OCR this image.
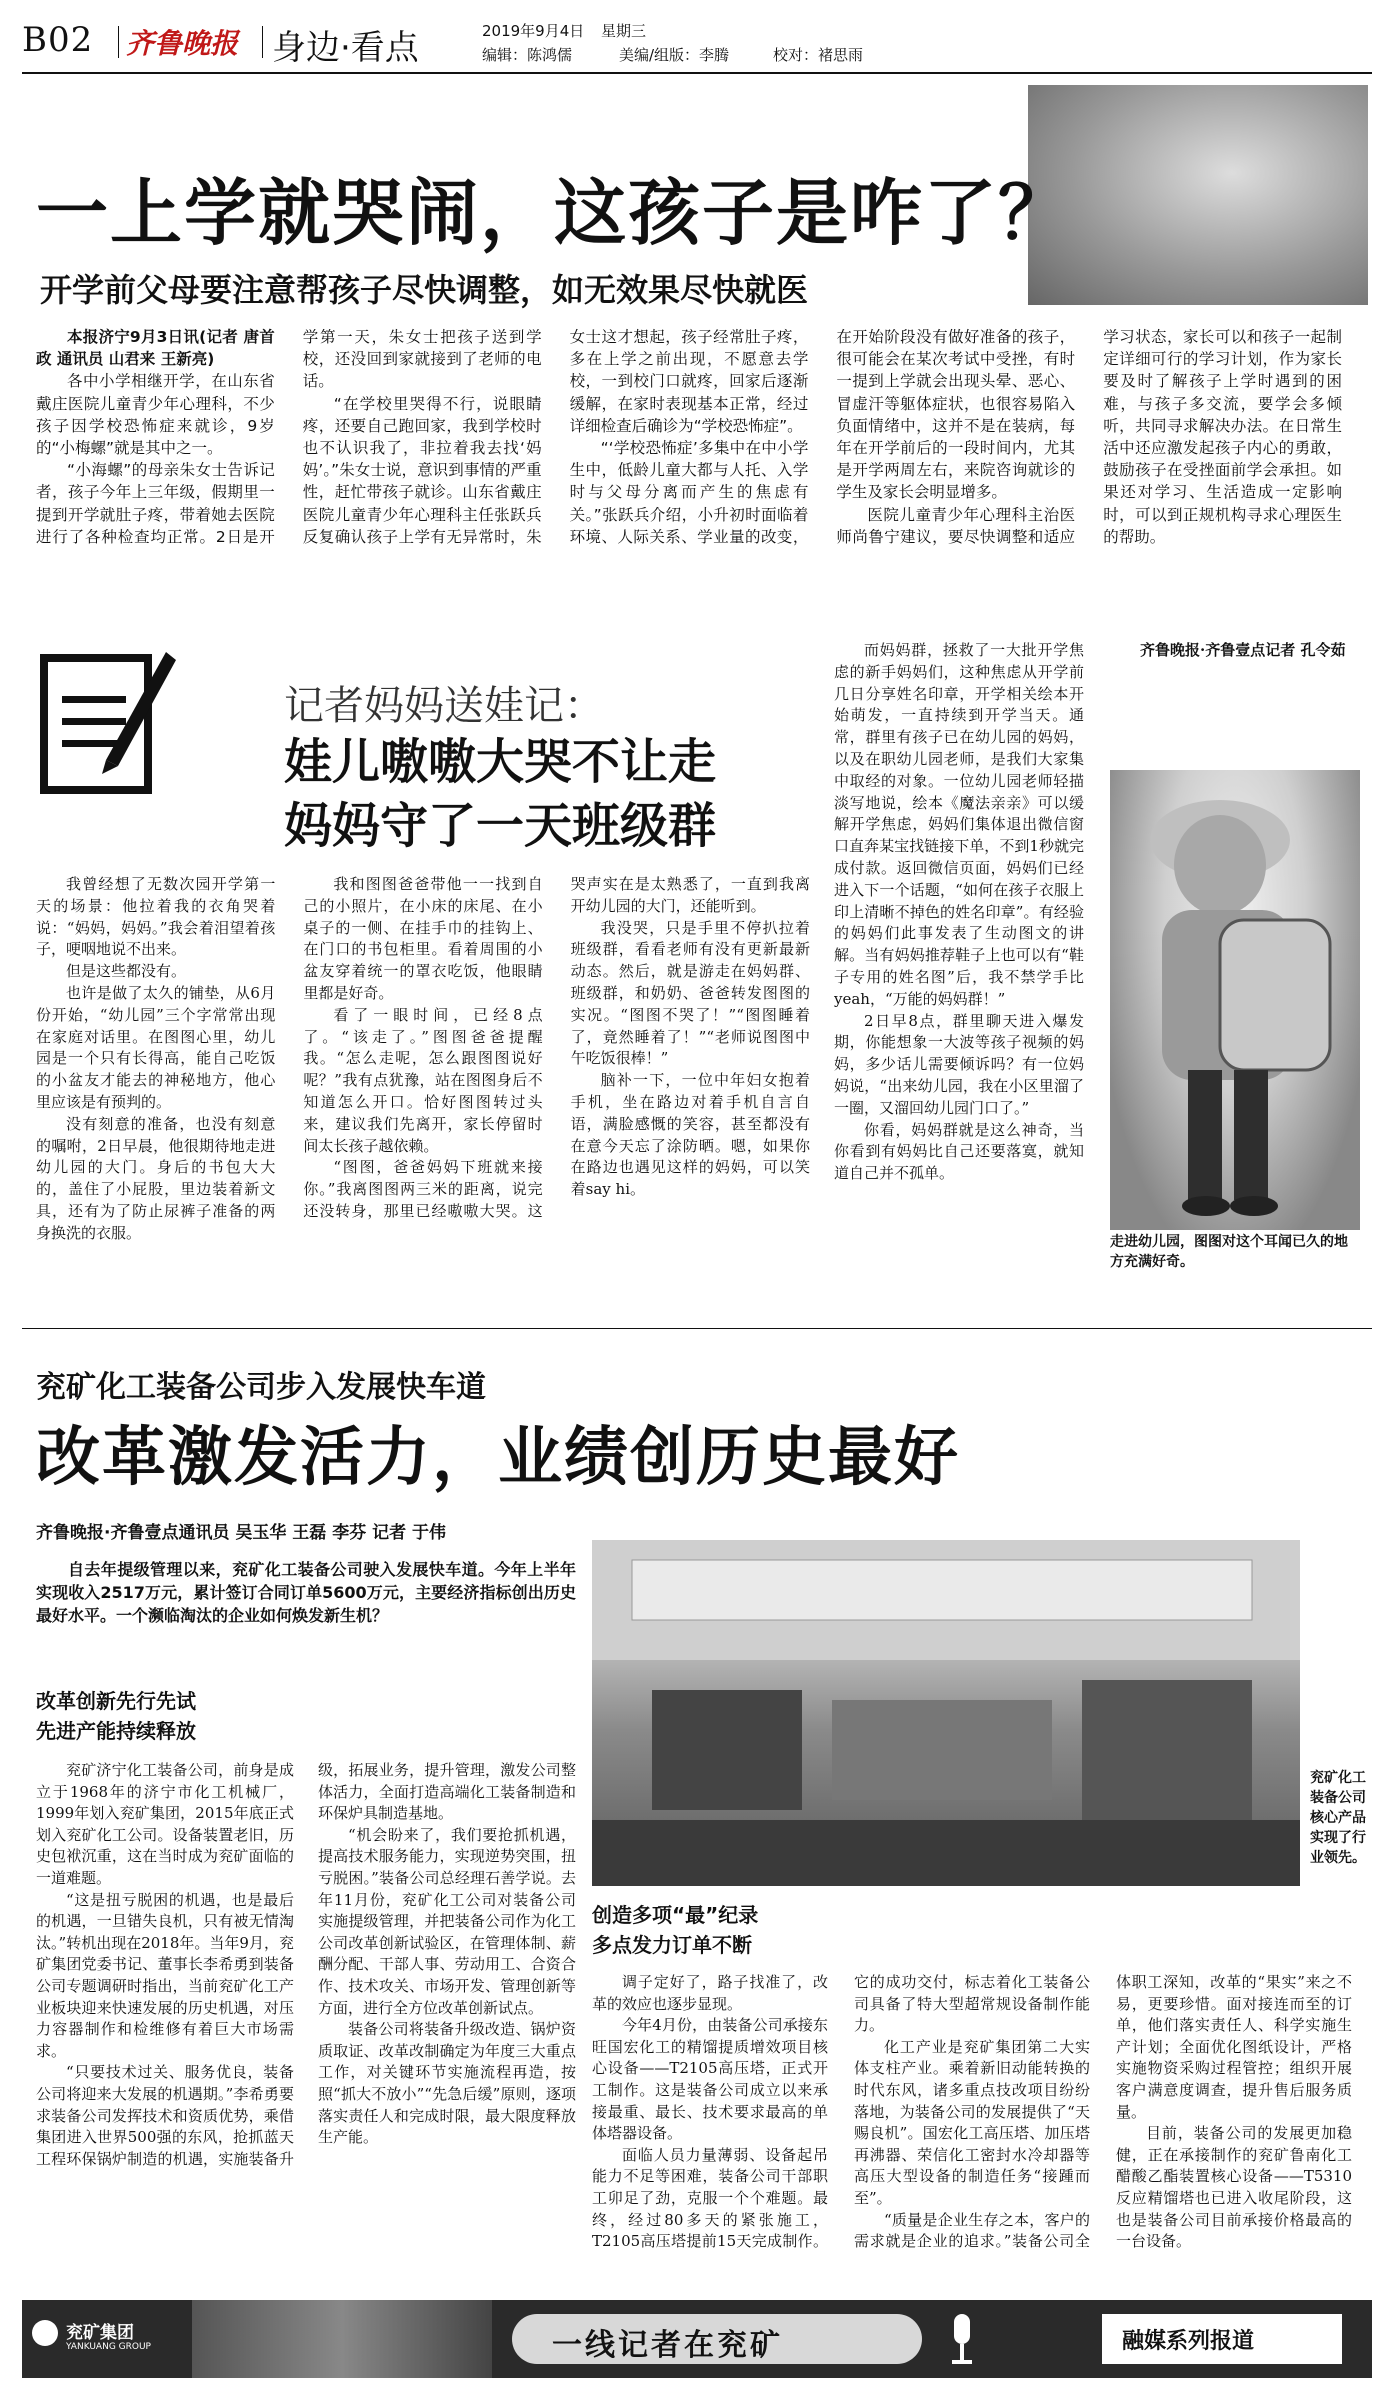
B02 齐鲁晚报 身边·看点	2019年9月4日 星期三
编辑：陈鸿儒	美编/组版：李腾	校对：褚思雨
一上学就哭闹，这孩子是咋了？
开学前父母要注意帮孩子尽快调整，如无效果尽快就医

本报济宁9月3日讯(记者 唐首政 通讯员 山君来 王新亮)

各中小学相继开学，在山东省戴庄医院儿童青少年心理科，不少孩子因学校恐怖症来就诊，9岁的“小梅螺”就是其中之一。

“小海螺”的母亲朱女士告诉记者，孩子今年上三年级，假期里一提到开学就肚子疼，带着她去医院进行了各种检查均正常。2日是开学第一天，朱女士把孩子送到学校，还没回到家就接到了老师的电话。

“在学校里哭得不行，说眼睛疼，还要自己跑回家，我到学校时也不认识我了，非拉着我去找‘妈妈’。”朱女士说，意识到事情的严重性，赶忙带孩子就诊。山东省戴庄医院儿童青少年心理科主任张跃兵反复确认孩子上学有无异常时，朱女士这才想起，孩子经常肚子疼，多在上学之前出现，不愿意去学校，一到校门口就疼，回家后逐渐缓解，在家时表现基本正常，经过详细检查后确诊为“学校恐怖症”。

“‘学校恐怖症’多集中在中小学生中，低龄儿童大都与人托、入学时与父母分离而产生的焦虑有关。”张跃兵介绍，小升初时面临着环境、人际关系、学业量的改变，在开始阶段没有做好准备的孩子，很可能会在某次考试中受挫，有时一提到上学就会出现头晕、恶心、冒虚汗等躯体症状，也很容易陷入负面情绪中，这并不是在装病，每年在开学前后的一段时间内，尤其是开学两周左右，来院咨询就诊的学生及家长会明显增多。

医院儿童青少年心理科主治医师尚鲁宁建议，要尽快调整和适应学习状态，家长可以和孩子一起制定详细可行的学习计划，作为家长要及时了解孩子上学时遇到的困难，与孩子多交流，要学会多倾听，共同寻求解决办法。在日常生活中还应激发起孩子内心的勇敢，鼓励孩子在受挫面前学会承担。如果还对学习、生活造成一定影响时，可以到正规机构寻求心理医生的帮助。

记者妈妈送娃记：
娃儿嗷嗷大哭不让走
妈妈守了一天班级群

我曾经想了无数次园开学第一天的场景：他拉着我的衣角哭着说：“妈妈，妈妈。”我会着泪望着孩子，哽咽地说不出来。

但是这些都没有。

也许是做了太久的铺垫，从6月份开始，“幼儿园”三个字常常出现在家庭对话里。在图图心里，幼儿园是一个只有长得高，能自己吃饭的小盆友才能去的神秘地方，他心里应该是有预判的。

没有刻意的准备，也没有刻意的嘱咐，2日早晨，他很期待地走进幼儿园的大门。身后的书包大大的，盖住了小屁股，里边装着新文具，还有为了防止尿裤子准备的两身换洗的衣服。

我和图图爸爸带他一一找到自己的小照片，在小床的床尾、在小桌子的一侧、在挂手巾的挂钩上、在门口的书包柜里。看着周围的小盆友穿着统一的罩衣吃饭，他眼睛里都是好奇。

看了一眼时间，已经8点了。“该走了。”图图爸爸提醒我。“怎么走呢，怎么跟图图说好呢？”我有点犹豫，站在图图身后不知道怎么开口。恰好图图转过头来，建议我们先离开，家长停留时间太长孩子越依赖。

“图图，爸爸妈妈下班就来接你。”我离图图两三米的距离，说完还没转身，那里已经嗷嗷大哭。这哭声实在是太熟悉了，一直到我离开幼儿园的大门，还能听到。

我没哭，只是手里不停扒拉着班级群，看看老师有没有更新最新动态。然后，就是游走在妈妈群、班级群，和奶奶、爸爸转发图图的实况。“图图不哭了！”“图图睡着了，竟然睡着了！”“老师说图图中午吃饭很棒！”

脑补一下，一位中年妇女抱着手机，坐在路边对着手机自言自语，满脸感慨的笑容，甚至都没有在意今天忘了涂防晒。嗯，如果你在路边也遇见这样的妈妈，可以笑着say hi。

而妈妈群，拯救了一大批开学焦虑的新手妈妈们，这种焦虑从开学前几日分享姓名印章，开学相关绘本开始萌发，一直持续到开学当天。通常，群里有孩子已在幼儿园的妈妈，以及在职幼儿园老师，是我们大家集中取经的对象。一位幼儿园老师轻描淡写地说，绘本《魔法亲亲》可以缓解开学焦虑，妈妈们集体退出微信窗口直奔某宝找链接下单，不到1秒就完成付款。返回微信页面，妈妈们已经进入下一个话题，“如何在孩子衣服上印上清晰不掉色的姓名印章”。有经验的妈妈们此事发表了生动图文的讲解。当有妈妈推荐鞋子上也可以有“鞋子专用的姓名图”后，我不禁学手比yeah，“万能的妈妈群！”

2日早8点，群里聊天进入爆发期，你能想象一大波等孩子视频的妈妈，多少话儿需要倾诉吗？有一位妈妈说，“出来幼儿园，我在小区里溜了一圈，又溜回幼儿园门口了。”

你看，妈妈群就是这么神奇，当你看到有妈妈比自己还要落寞，就知道自己并不孤单。

齐鲁晚报·齐鲁壹点记者 孔令茹

走进幼儿园，图图对这个耳闻已久的地方充满好奇。
兖矿化工装备公司步入发展快车道
改革激发活力，业绩创历史最好
齐鲁晚报·齐鲁壹点通讯员 吴玉华 王磊 李芬 记者 于伟

自去年提级管理以来，兖矿化工装备公司驶入发展快车道。今年上半年实现收入2517万元，累计签订合同订单5600万元，主要经济指标创出历史最好水平。一个濒临淘汰的企业如何焕发新生机？

改革创新先行先试
先进产能持续释放

兖矿济宁化工装备公司，前身是成立于1968年的济宁市化工机械厂，1999年划入兖矿集团，2015年底正式划入兖矿化工公司。设备装置老旧，历史包袱沉重，这在当时成为兖矿面临的一道难题。

“这是扭亏脱困的机遇，也是最后的机遇，一旦错失良机，只有被无情淘汰。”转机出现在2018年。当年9月，兖矿集团党委书记、董事长李希勇到装备公司专题调研时指出，当前兖矿化工产业板块迎来快速发展的历史机遇，对压力容器制作和检维修有着巨大市场需求。

“只要技术过关、服务优良，装备公司将迎来大发展的机遇期。”李希勇要求装备公司发挥技术和资质优势，乘借集团进入世界500强的东风，抢抓蓝天工程环保锅炉制造的机遇，实施装备升级，拓展业务，提升管理，激发公司整体活力，全面打造高端化工装备制造和环保炉具制造基地。

“机会盼来了，我们要抢抓机遇，提高技术服务能力，实现逆势突围，扭亏脱困。”装备公司总经理石善学说。去年11月份，兖矿化工公司对装备公司实施提级管理，并把装备公司作为化工公司改革创新试验区，在管理体制、薪酬分配、干部人事、劳动用工、合资合作、技术攻关、市场开发、管理创新等方面，进行全方位改革创新试点。

装备公司将装备升级改造、锅炉资质取证、改革改制确定为年度三大重点工作，对关键环节实施流程再造，按照“抓大不放小”“先急后缓”原则，逐项落实责任人和完成时限，最大限度释放生产能。

兖矿化工装备公司核心产品实现了行业领先。
创造多项“最”纪录
多点发力订单不断

调子定好了，路子找准了，改革的效应也逐步显现。

今年4月份，由装备公司承接东旺国宏化工的精馏提质增效项目核心设备——T2105高压塔，正式开工制作。这是装备公司成立以来承接最重、最长、技术要求最高的单体塔器设备。

面临人员力量薄弱、设备起吊能力不足等困难，装备公司干部职工卯足了劲，克服一个个难题。最终，经过80多天的紧张施工，T2105高压塔提前15天完成制作。它的成功交付，标志着化工装备公司具备了特大型超常规设备制作能力。

化工产业是兖矿集团第二大实体支柱产业。乘着新旧动能转换的时代东风，诸多重点技改项目纷纷落地，为装备公司的发展提供了“天赐良机”。国宏化工高压塔、加压塔再沸器、荣信化工密封水冷却器等高压大型设备的制造任务“接踵而至”。

“质量是企业生存之本，客户的需求就是企业的追求。”装备公司全体职工深知，改革的“果实”来之不易，更要珍惜。面对接连而至的订单，他们落实责任人、科学实施生产计划；全面优化图纸设计，严格实施物资采购过程管控；组织开展客户满意度调查，提升售后服务质量。

目前，装备公司的发展更加稳健，正在承接制作的兖矿鲁南化工醋酸乙酯装置核心设备——T5310反应精馏塔也已进入收尾阶段，这也是装备公司目前承接价格最高的一台设备。

兖矿集团
YANKUANG GROUP	一线记者在兖矿	融媒系列报道
